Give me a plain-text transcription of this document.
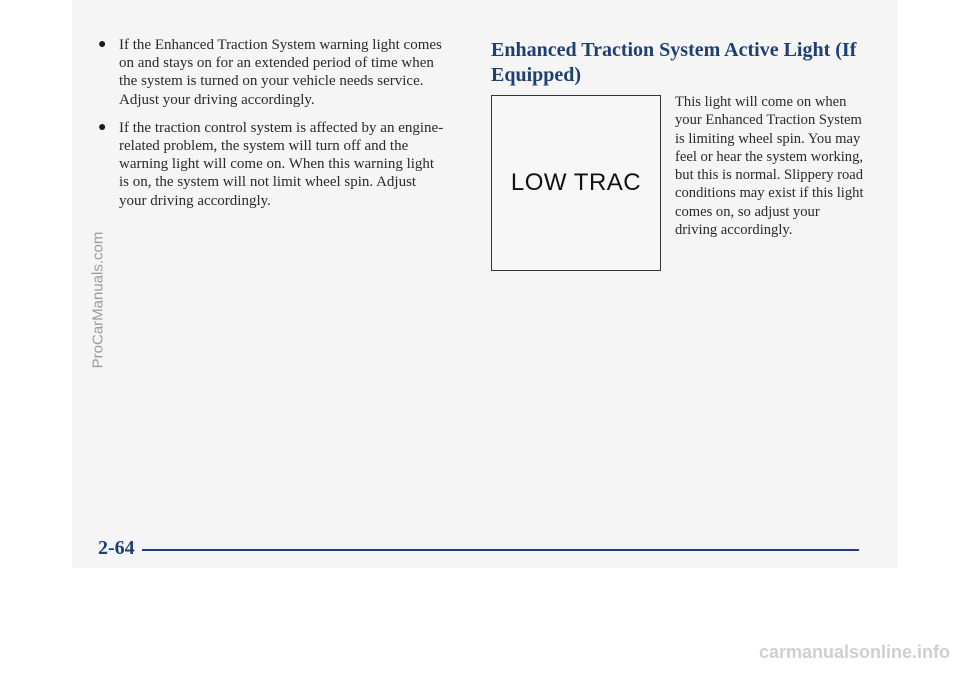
ProCarManuals.com
● If the Enhanced Traction System warning light comes on and stays on for an extended period of time when the system is turned on your vehicle needs service. Adjust your driving accordingly.
● If the traction control system is affected by an engine-related problem, the system will turn off and the warning light will come on. When this warning light is on, the system will not limit wheel spin. Adjust your driving accordingly.
Enhanced Traction System Active Light (If Equipped)
LOW TRAC
This light will come on when your Enhanced Traction System is limiting wheel spin. You may feel or hear the system working, but this is normal. Slippery road conditions may exist if this light comes on, so adjust your driving accordingly.
2-64
carmanualsonline.info
